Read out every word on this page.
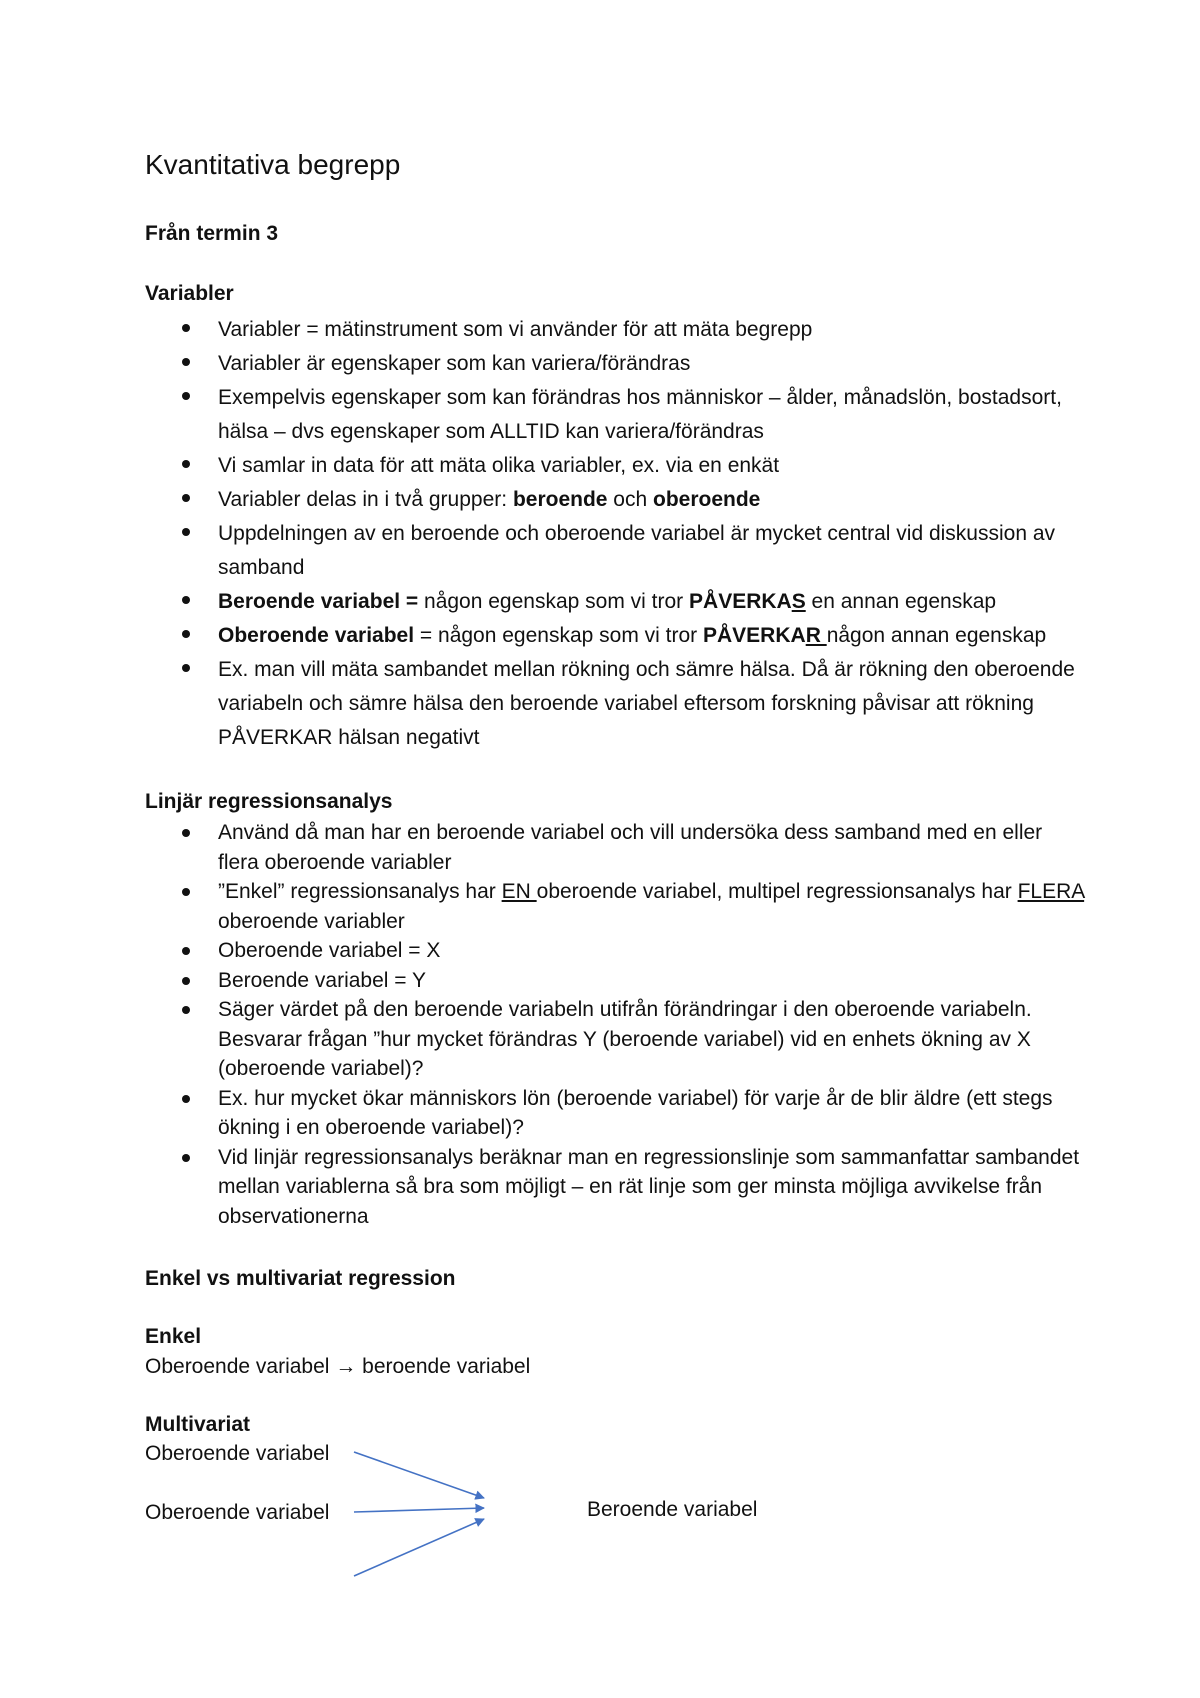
Kvantitativa begrepp
Från termin 3
Variabler
Variabler = mätinstrument som vi använder för att mäta begrepp
Variabler är egenskaper som kan variera/förändras
Exempelvis egenskaper som kan förändras hos människor – ålder, månadslön, bostadsort, hälsa – dvs egenskaper som ALLTID kan variera/förändras
Vi samlar in data för att mäta olika variabler, ex. via en enkät
Variabler delas in i två grupper: beroende och oberoende
Uppdelningen av en beroende och oberoende variabel är mycket central vid diskussion av samband
Beroende variabel = någon egenskap som vi tror PÅVERKAS en annan egenskap
Oberoende variabel = någon egenskap som vi tror PÅVERKAR någon annan egenskap
Ex. man vill mäta sambandet mellan rökning och sämre hälsa. Då är rökning den oberoende variabeln och sämre hälsa den beroende variabel eftersom forskning påvisar att rökning PÅVERKAR hälsan negativt
Linjär regressionsanalys
Använd då man har en beroende variabel och vill undersöka dess samband med en eller flera oberoende variabler
”Enkel” regressionsanalys har EN oberoende variabel, multipel regressionsanalys har FLERA oberoende variabler
Oberoende variabel = X
Beroende variabel = Y
Säger värdet på den beroende variabeln utifrån förändringar i den oberoende variabeln. Besvarar frågan ”hur mycket förändras Y (beroende variabel) vid en enhets ökning av X (oberoende variabel)?
Ex. hur mycket ökar människors lön (beroende variabel) för varje år de blir äldre (ett stegs ökning i en oberoende variabel)?
Vid linjär regressionsanalys beräknar man en regressionslinje som sammanfattar sambandet mellan variablerna så bra som möjligt – en rät linje som ger minsta möjliga avvikelse från observationerna
Enkel vs multivariat regression
Enkel
Oberoende variabel → beroende variabel
Multivariat
Oberoende variabel
Oberoende variabel	Beroende variabel
